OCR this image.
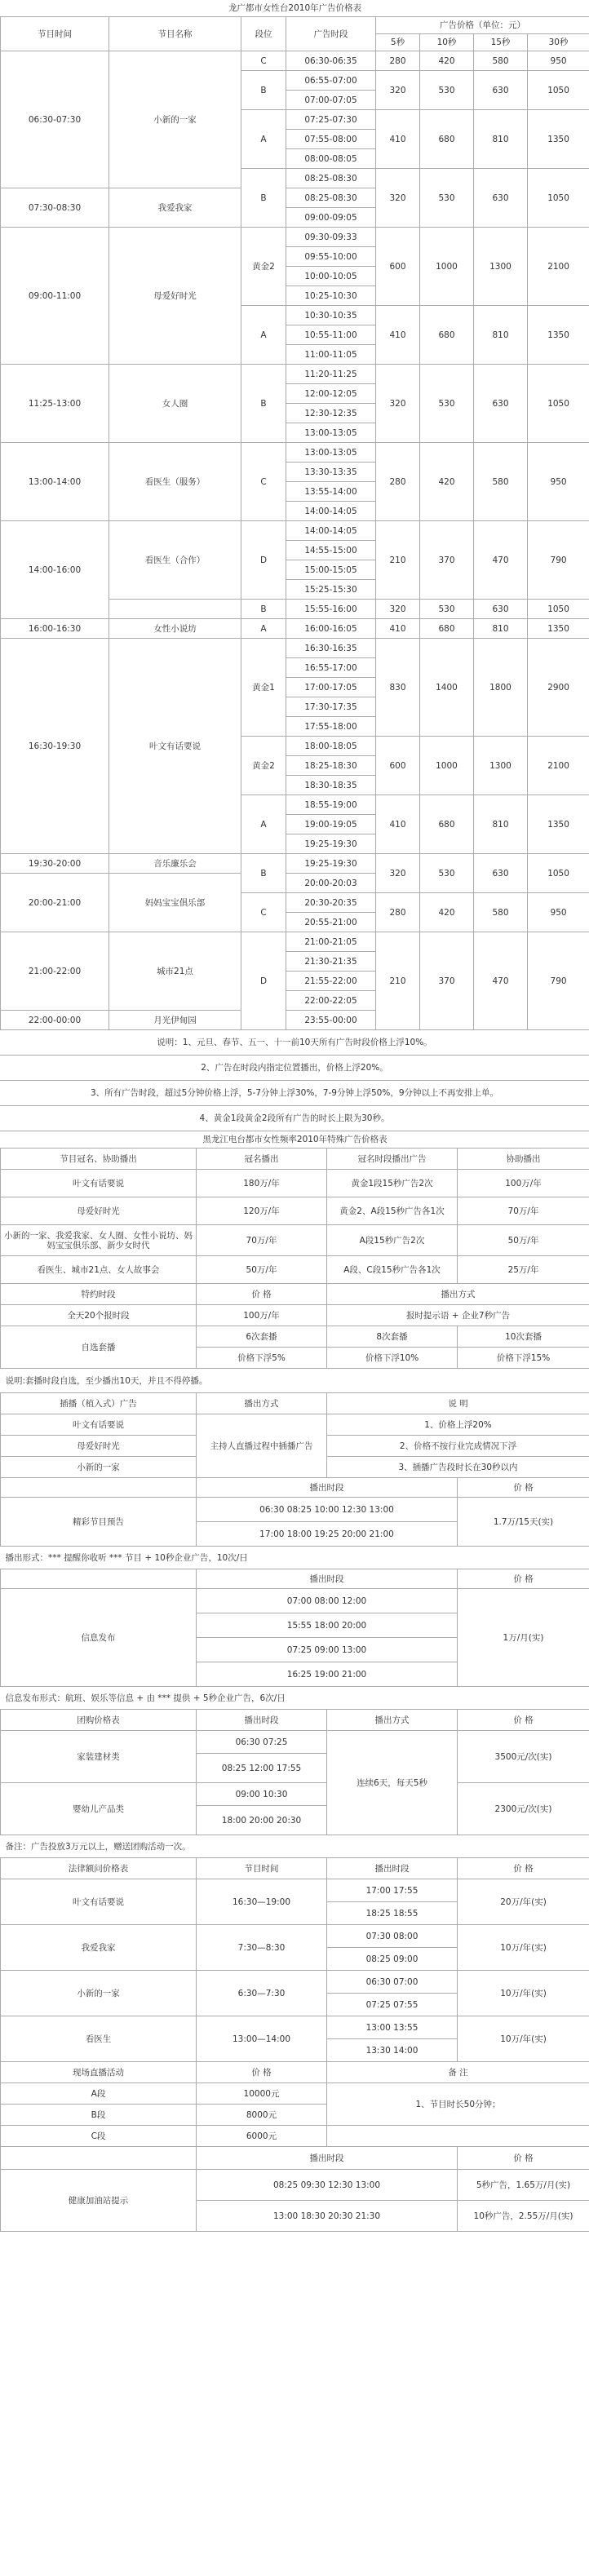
龙广都市女性台2010年广告价格表							
节目时间	节目名称	段位	广告时段	广告价格（单位：元）			
				5秒	10秒	15秒	30秒
06:30-07:30	小新的一家	C	06:30-06:35	280	420	580	950
		B	06:55-07:00	320	530	630	1050
			07:00-07:05				
		A	07:25-07:30	410	680	810	1350
			07:55-08:00				
			08:00-08:05				
		B	08:25-08:30	320	530	630	1050
07:30-08:30	我爱我家		08:25-08:30				
			09:00-09:05				
09:00-11:00	母爱好时光	黄金2	09:30-09:33	600	1000	1300	2100
			09:55-10:00				
			10:00-10:05				
			10:25-10:30				
		A	10:30-10:35	410	680	810	1350
			10:55-11:00				
			11:00-11:05				
11:25-13:00	女人圈	B	11:20-11:25	320	530	630	1050
			12:00-12:05				
			12:30-12:35				
			13:00-13:05				
13:00-14:00	看医生（服务）	C	13:00-13:05	280	420	580	950
			13:30-13:35				
			13:55-14:00				
			14:00-14:05				
14:00-16:00	看医生（合作）	D	14:00-14:05	210	370	470	790
			14:55-15:00				
			15:00-15:05				
			15:25-15:30				
		B	15:55-16:00	320	530	630	1050
16:00-16:30	女性小说坊	A	16:00-16:05	410	680	810	1350
16:30-19:30	叶文有话要说	黄金1	16:30-16:35	830	1400	1800	2900
			16:55-17:00				
			17:00-17:05				
			17:30-17:35				
			17:55-18:00				
		黄金2	18:00-18:05	600	1000	1300	2100
			18:25-18:30				
			18:30-18:35				
		A	18:55-19:00	410	680	810	1350
			19:00-19:05				
			19:25-19:30				
19:30-20:00	音乐廉乐会	B	19:25-19:30	320	530	630	1050
20:00-21:00	妈妈宝宝俱乐部		20:00-20:03				
		C	20:30-20:35	280	420	580	950
			20:55-21:00				
21:00-22:00	城市21点	D	21:00-21:05	210	370	470	790
			21:30-21:35				
			21:55-22:00				
			22:00-22:05				
22:00-00:00	月光伊甸园		23:55-00:00				
说明：1、元旦、春节、五一、十一前10天所有广告时段价格上浮10%。
2、广告在时段内指定位置播出，价格上浮20%。
3、所有广告时段，超过5分钟价格上浮，5-7分钟上浮30%，7-9分钟上浮50%，9分钟以上不再安排上单。
4、黄金1段黄金2段所有广告的时长上限为30秒。
黑龙江电台都市女性频率2010年特殊广告价格表			
节目冠名、协助播出	冠名播出	冠名时段播出广告	协助播出
叶文有话要说	180万/年	黄金1段15秒广告2次	100万/年
母爱好时光	120万/年	黄金2、A段15秒广告各1次	70万/年
小新的一家、我爱我家、女人圈、女性小说坊、妈妈宝宝俱乐部、新少女时代	70万/年	A段15秒广告2次	50万/年
看医生、城市21点、女人故事会	50万/年	A段、C段15秒广告各1次	25万/年
特约时段	价 格	播出方式	
全天20个报时段	100万/年	报时提示语 + 企业7秒广告	
自选套播	6次套播	8次套播	10次套播
	价格下浮5%	价格下浮10%	价格下浮15%
说明:套播时段自选，至少播出10天，并且不得停播。			
插播（植入式）广告	播出方式	说 明	
叶文有话要说	主持人直播过程中插播广告	1、价格上浮20%	
母爱好时光		2、价格不按行业完成情况下浮	
小新的一家		3、插播广告段时长在30秒以内	
	播出时段		价 格
精彩节目预告	06:30 08:25 10:00 12:30 13:00		1.7万/15天(实)
	17:00 18:00 19:25 20:00 21:00		
播出形式：*** 提醒你收听 *** 节目 + 10秒企业广告，10次/日			
	播出时段		价 格
信息发布	07:00 08:00 12:00		1万/月(实)
	15:55 18:00 20:00		
	07:25 09:00 13:00		
	16:25 19:00 21:00		
信息发布形式：航班、娱乐等信息 + 由 *** 提供 + 5秒企业广告，6次/日			
团购价格表	播出时段	播出方式	价 格
家装建材类	06:30 07:25	连续6天，每天5秒	3500元/次(实)
	08:25 12:00 17:55		
婴幼儿产品类	09:00 10:30		2300元/次(实)
	18:00 20:00 20:30		
备注：广告投放3万元以上，赠送团购活动一次。			
法律额问价格表	节目时间	播出时段	价 格
叶文有话要说	16:30—19:00	17:00 17:55	20万/年(实)
		18:25 18:55	
我爱我家	7:30—8:30	07:30 08:00	10万/年(实)
		08:25 09:00	
小新的一家	6:30—7:30	06:30 07:00	10万/年(实)
		07:25 07:55	
看医生	13:00—14:00	13:00 13:55	10万/年(实)
		13:30 14:00	
现场直播活动	价 格	备 注	
A段	10000元	1、节目时长50分钟；	
B段	8000元		
C段	6000元		
	播出时段		价 格
健康加油站提示	08:25 09:30 12:30 13:00		5秒广告，1.65万/月(实)
	13:00 18:30 20:30 21:30		10秒广告，2.55万/月(实)
